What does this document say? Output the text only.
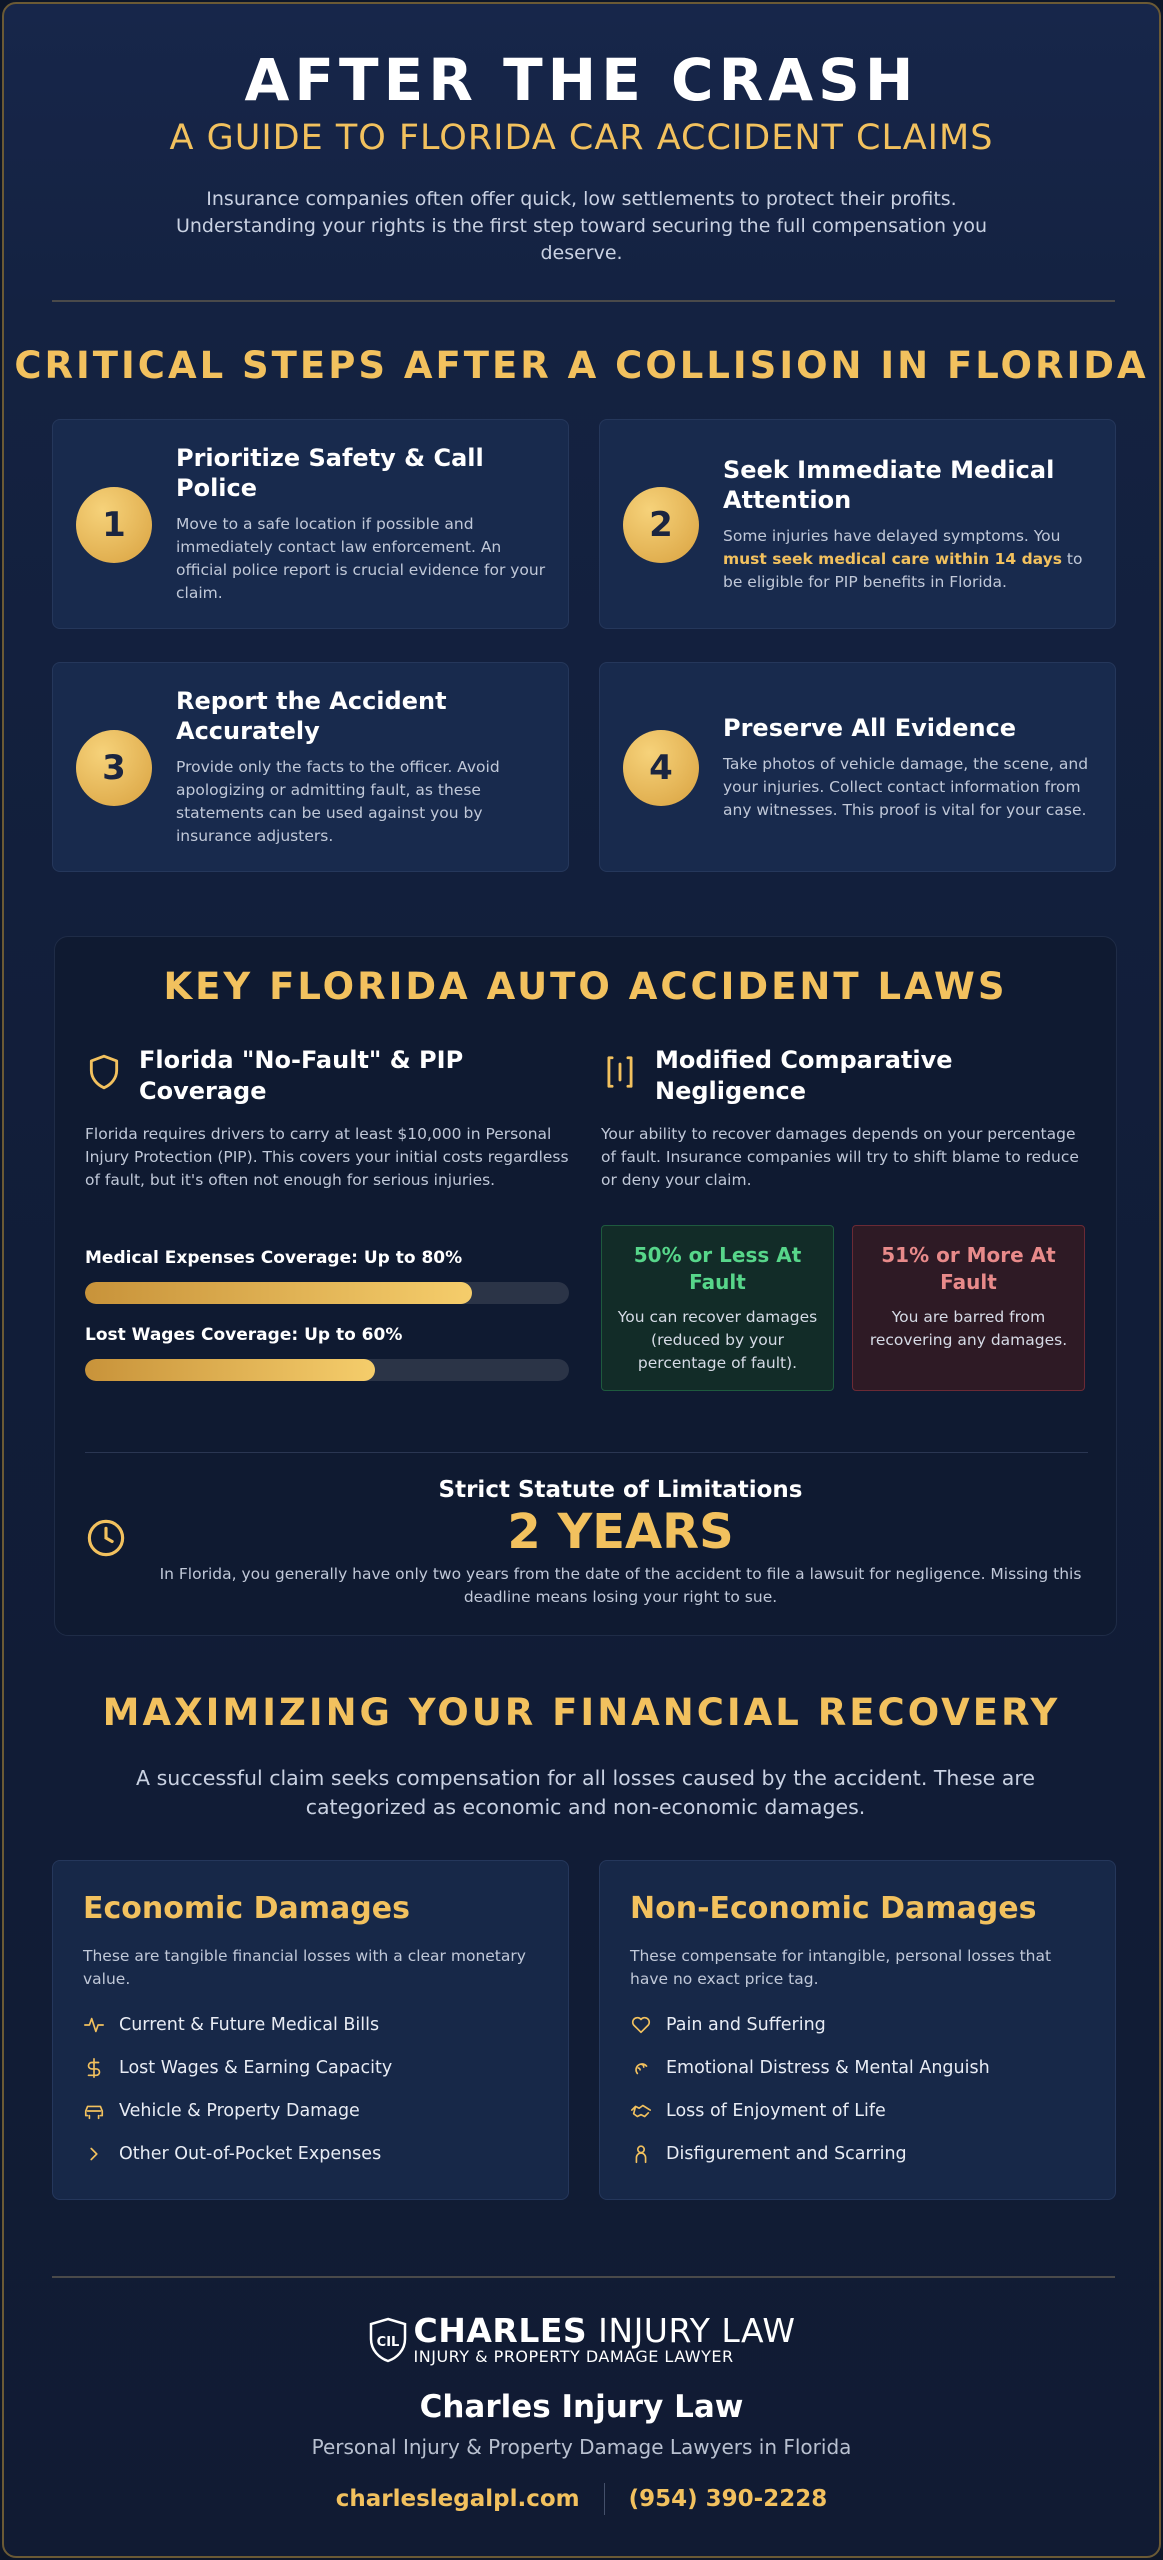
AFTER THE CRASH
A GUIDE TO FLORIDA CAR ACCIDENT CLAIMS

Insurance companies often offer quick, low settlements to protect their profits. Understanding your rights is the first step toward securing the full compensation you deserve.

CRITICAL STEPS AFTER A COLLISION IN FLORIDA
1
Prioritize Safety & Call Police
Move to a safe location if possible and immediately contact law enforcement. An official police report is crucial evidence for your claim.
2
Seek Immediate Medical Attention
Some injuries have delayed symptoms. You must seek medical care within 14 days to be eligible for PIP benefits in Florida.
3
Report the Accident Accurately
Provide only the facts to the officer. Avoid apologizing or admitting fault, as these statements can be used against you by insurance adjusters.
4
Preserve All Evidence
Take photos of vehicle damage, the scene, and your injuries. Collect contact information from any witnesses. This proof is vital for your case.
KEY FLORIDA AUTO ACCIDENT LAWS
Florida "No-Fault" & PIP Coverage
Florida requires drivers to carry at least $10,000 in Personal Injury Protection (PIP). This covers your initial costs regardless of fault, but it's often not enough for serious injuries.
Medical Expenses Coverage: Up to 80%
Lost Wages Coverage: Up to 60%
Modified Comparative Negligence
Your ability to recover damages depends on your percentage of fault. Insurance companies will try to shift blame to reduce or deny your claim.
50% or Less At Fault
You can recover damages (reduced by your percentage of fault).
51% or More At Fault
You are barred from recovering any damages.
Strict Statute of Limitations
2 YEARS
In Florida, you generally have only two years from the date of the accident to file a lawsuit for negligence. Missing this deadline means losing your right to sue.
MAXIMIZING YOUR FINANCIAL RECOVERY
A successful claim seeks compensation for all losses caused by the accident. These are categorized as economic and non-economic damages.
Economic Damages
These are tangible financial losses with a clear monetary value.
Current & Future Medical Bills
Lost Wages & Earning Capacity
Vehicle & Property Damage
Other Out-of-Pocket Expenses
Non-Economic Damages
These compensate for intangible, personal losses that have no exact price tag.
Pain and Suffering
Emotional Distress & Mental Anguish
Loss of Enjoyment of Life
Disfigurement and Scarring
CIL CHARLES INJURY LAW
INJURY & PROPERTY DAMAGE LAWYER
Charles Injury Law
Personal Injury & Property Damage Lawyers in Florida
charleslegalpl.com (954) 390-2228
